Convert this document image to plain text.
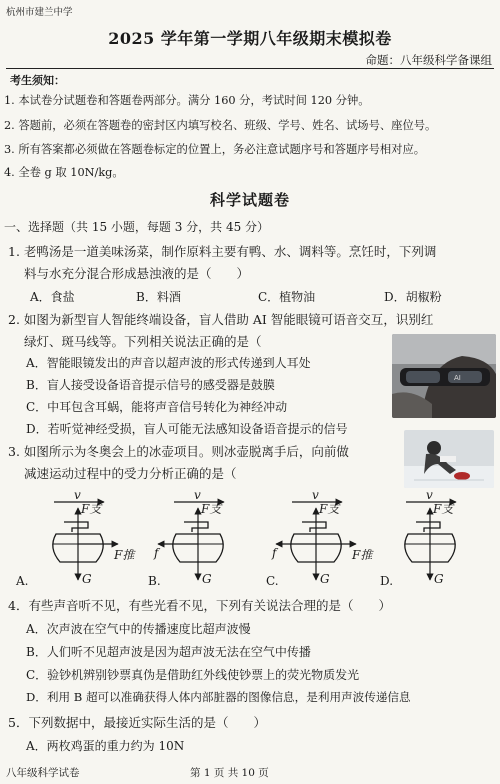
杭州市建兰中学
2025 学年第一学期八年级期末模拟卷
命题：八年级科学备课组
考生须知：
1. 本试卷分试题卷和答题卷两部分。满分 160 分，考试时间 120 分钟。
2. 答题前，必须在答题卷的密封区内填写校名、班级、学号、姓名、试场号、座位号。
3. 所有答案都必须做在答题卷标定的位置上，务必注意试题序号和答题序号相对应。
4. 全卷 g 取 10N/kg。
科学试题卷
一、选择题（共 15 小题，每题 3 分，共 45 分）
1. 老鸭汤是一道美味汤菜，制作原料主要有鸭、水、调料等。烹饪时，下列调
料与水充分混合形成悬浊液的是（　　）
A．食盐	B．料酒	C．植物油	D．胡椒粉
2. 如图为新型盲人智能终端设备，盲人借助 AI 智能眼镜可语音交互，识别红
绿灯、斑马线等。下列相关说法正确的是（
A．智能眼镜发出的声音以超声波的形式传递到人耳处
B．盲人接受设备语音提示信号的感受器是鼓膜
C．中耳包含耳蜗，能将声音信号转化为神经冲动
D．若听觉神经受损，盲人可能无法感知设备语音提示的信号
AI
3. 如图所示为冬奥会上的冰壶项目。则冰壶脱离手后，向前做
减速运动过程中的受力分析正确的是（
v
F支
G
F推
A.
v
F支
G
f
B.
v
F支
G
F推
f
C.
v
F支
G
D.
4．有些声音听不见，有些光看不见，下列有关说法合理的是（　　）
A．次声波在空气中的传播速度比超声波慢
B．人们听不见超声波是因为超声波无法在空气中传播
C．验钞机辨别钞票真伪是借助红外线使钞票上的荧光物质发光
D．利用 B 超可以准确获得人体内部脏器的图像信息，是利用声波传递信息
5．下列数据中，最接近实际生活的是（　　）
A．两枚鸡蛋的重力约为 10N
八年级科学试卷	第 1 页 共 10 页
